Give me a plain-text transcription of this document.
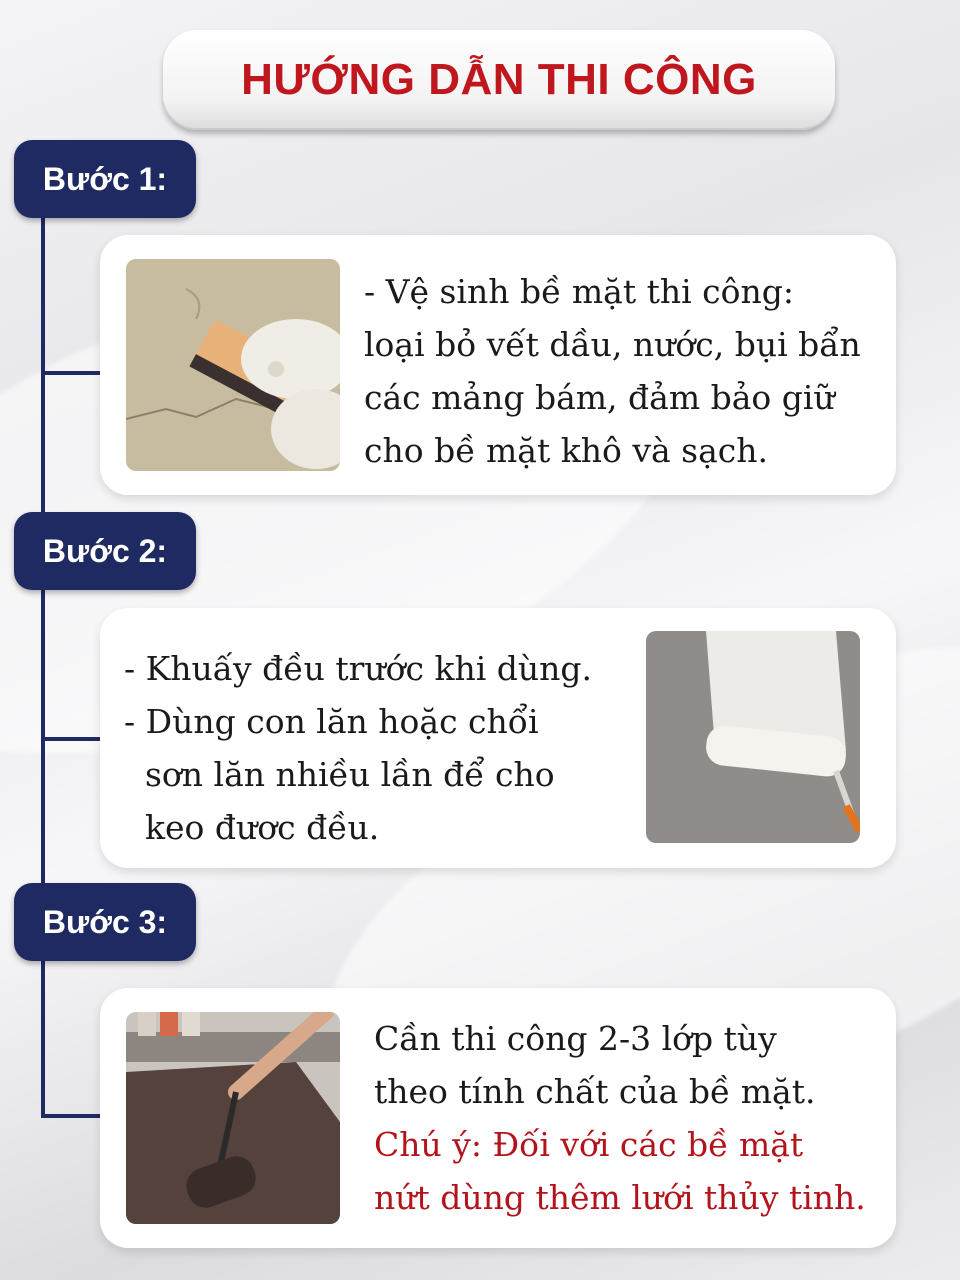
HƯỚNG DẪN THI CÔNG
Bước 1:
- Vệ sinh bề mặt thi công:
loại bỏ vết dầu, nước, bụi bẩn
các mảng bám, đảm bảo giữ
cho bề mặt khô và sạch.
Bước 2:
- Khuấy đều trước khi dùng.
- Dùng con lăn hoặc chổi
sơn lăn nhiều lần để cho
keo đươc đều.
Bước 3:
Cần thi công 2-3 lớp tùy
theo tính chất của bề mặt.
Chú ý: Đối với các bề mặt
nứt dùng thêm lưới thủy tinh.
